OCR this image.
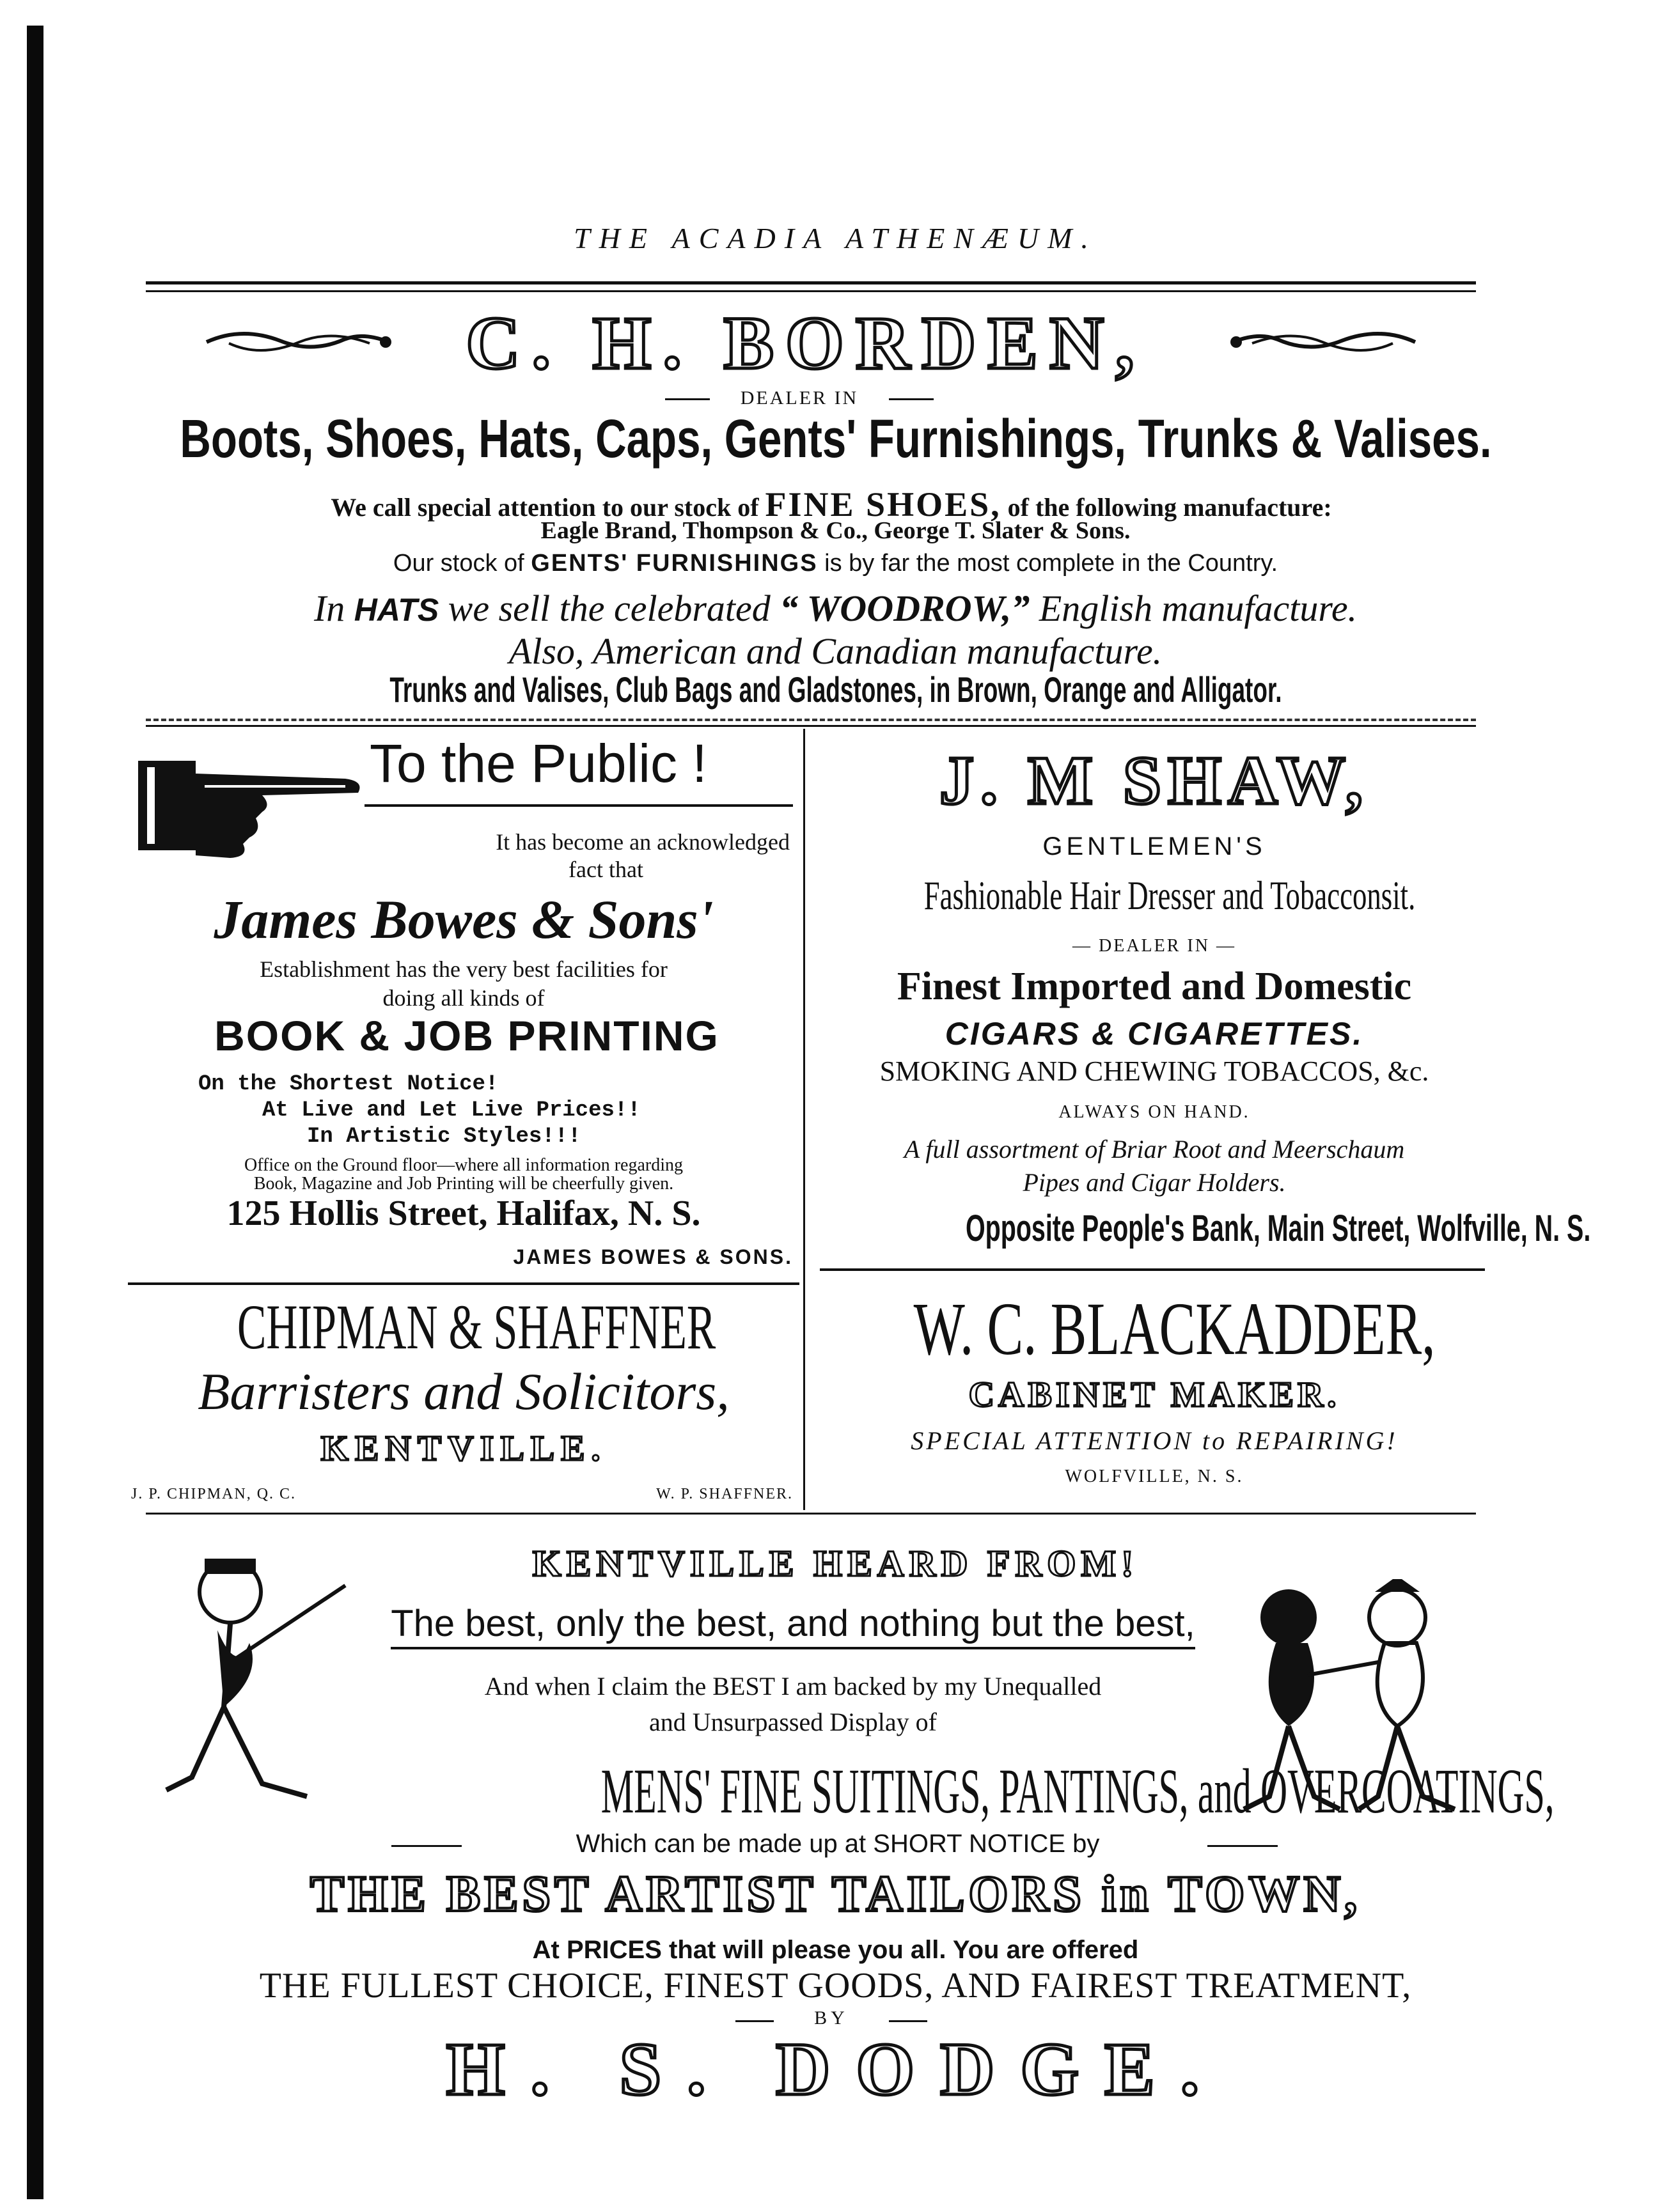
THE ACADIA ATHENÆUM.
C. H. BORDEN,
DEALER IN
Boots, Shoes, Hats, Caps, Gents' Furnishings, Trunks & Valises.
We call special attention to our stock of FINE SHOES, of the following manufacture:
Eagle Brand, Thompson & Co., George T. Slater & Sons.
Our stock of GENTS' FURNISHINGS is by far the most complete in the Country.
In HATS we sell the celebrated “ WOODROW,” English manufacture.
Also, American and Canadian manufacture.
Trunks and Valises, Club Bags and Gladstones, in Brown, Orange and Alligator.
To the Public !
It has become an acknowledged
fact that
James Bowes & Sons'
Establishment has the very best facilities for
doing all kinds of
BOOK & JOB PRINTING
On the Shortest Notice!
At Live and Let Live Prices!!
In Artistic Styles!!!
Office on the Ground floor—where all information regarding
Book, Magazine and Job Printing will be cheerfully given.
125 Hollis Street, Halifax, N. S.
JAMES BOWES & SONS.
J. M SHAW,
GENTLEMEN'S
Fashionable Hair Dresser and Tobacconsit.
— DEALER IN —
Finest Imported and Domestic
CIGARS & CIGARETTES.
SMOKING AND CHEWING TOBACCOS, &c.
ALWAYS ON HAND.
A full assortment of Briar Root and Meerschaum
Pipes and Cigar Holders.
Opposite People's Bank, Main Street, Wolfville, N. S.
CHIPMAN & SHAFFNER
Barristers and Solicitors,
KENTVILLE.
J. P. CHIPMAN, Q. C.	W. P. SHAFFNER.
W. C. BLACKADDER,
CABINET MAKER.
SPECIAL ATTENTION to REPAIRING!
WOLFVILLE, N. S.
KENTVILLE HEARD FROM!
The best, only the best, and nothing but the best,
And when I claim the BEST I am backed by my Unequalled
and Unsurpassed Display of
MENS' FINE SUITINGS, PANTINGS, and OVERCOATINGS,
Which can be made up at SHORT NOTICE by
THE BEST ARTIST TAILORS in TOWN,
At PRICES that will please you all. You are offered
THE FULLEST CHOICE, FINEST GOODS, AND FAIREST TREATMENT,
BY
H. S. DODGE.
